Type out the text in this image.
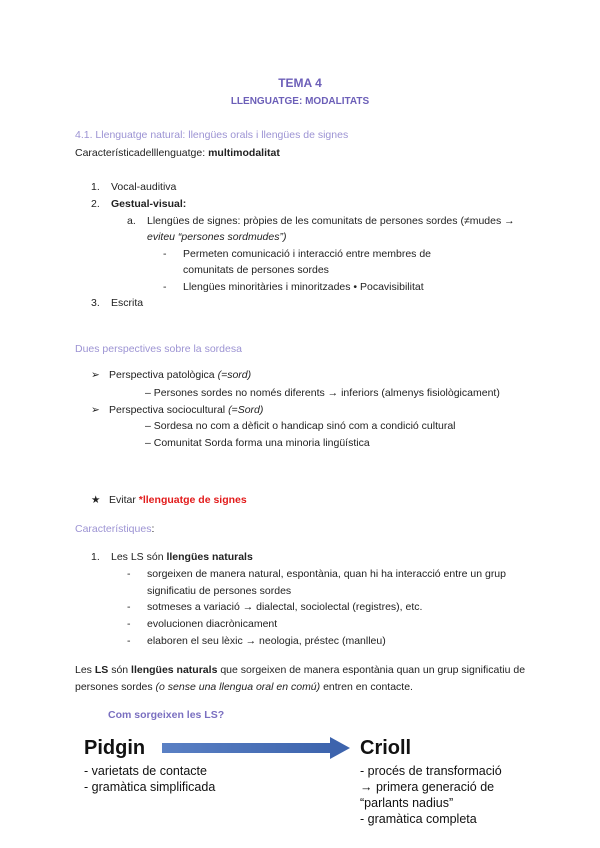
TEMA 4
LLENGUATGE: MODALITATS
4.1. Llenguatge natural: llengües orals i llengües de signes
Característicadelllenguatge: multimodalitat
1. Vocal-auditiva
2. Gestual-visual:
a. Llengües de signes: pròpies de les comunitats de persones sordes (≠mudes →
eviteu “persones sordmudes”)
- Permeten comunicació i interacció entre membres de
comunitats de persones sordes
- Llengües minoritàries i minoritzades • Pocavisibilitat
3. Escrita
Dues perspectives sobre la sordesa
➢ Perspectiva patològica (=sord)
– Persones sordes no només diferents → inferiors (almenys fisiològicament)
➢ Perspectiva sociocultural (=Sord)
– Sordesa no com a dèficit o handicap sinó com a condició cultural
– Comunitat Sorda forma una minoria lingüística
★ Evitar *llenguatge de signes
Característiques:
1. Les LS són llengües naturals
- sorgeixen de manera natural, espontània, quan hi ha interacció entre un grup
significatiu de persones sordes
- sotmeses a variació → dialectal, sociolectal (registres), etc.
- evolucionen diacrònicament
- elaboren el seu lèxic → neologia, préstec (manlleu)
Les LS són llengües naturals que sorgeixen de manera espontània quan un grup significatiu de
persones sordes (o sense una llengua oral en comú) entren en contacte.
Com sorgeixen les LS?
Pidgin
- varietats de contacte
- gramàtica simplificada
Crioll
- procés de transformació
→ primera generació de
“parlants nadius”
- gramàtica completa
